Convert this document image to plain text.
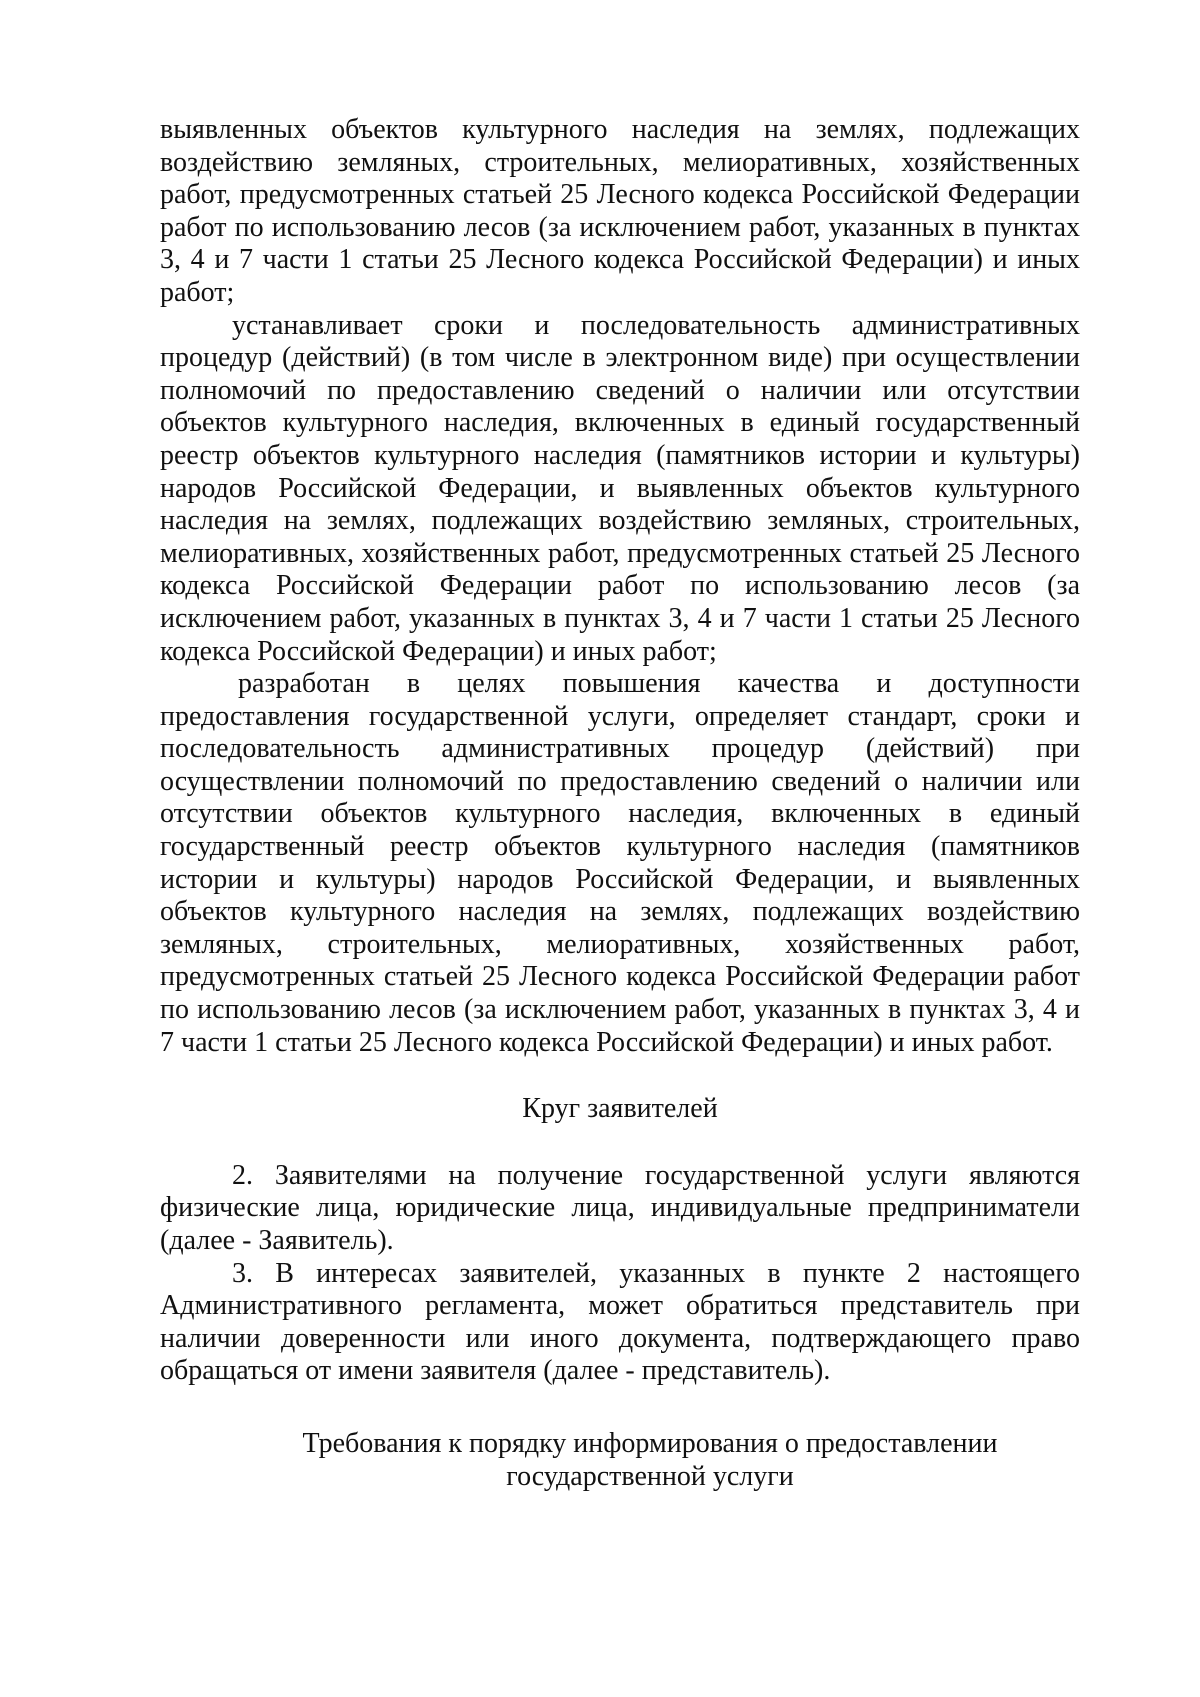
выявленных объектов культурного наследия на землях, подлежащих воздействию земляных, строительных, мелиоративных, хозяйственных работ, предусмотренных статьей 25 Лесного кодекса Российской Федерации работ по использованию лесов (за исключением работ, указанных в пунктах 3, 4 и 7 части 1 статьи 25 Лесного кодекса Российской Федерации) и иных работ;

устанавливает сроки и последовательность административных процедур (действий) (в том числе в электронном виде) при осуществлении полномочий по предоставлению сведений о наличии или отсутствии объектов культурного наследия, включенных в единый государственный реестр объектов культурного наследия (памятников истории и культуры) народов Российской Федерации, и выявленных объектов культурного наследия на землях, подлежащих воздействию земляных, строительных, мелиоративных, хозяйственных работ, предусмотренных статьей 25 Лесного кодекса Российской Федерации работ по использованию лесов (за исключением работ, указанных в пунктах 3, 4 и 7 части 1 статьи 25 Лесного кодекса Российской Федерации) и иных работ;

разработан в целях повышения качества и доступности предоставления государственной услуги, определяет стандарт, сроки и последовательность административных процедур (действий) при осуществлении полномочий по предоставлению сведений о наличии или отсутствии объектов культурного наследия, включенных в единый государственный реестр объектов культурного наследия (памятников истории и культуры) народов Российской Федерации, и выявленных объектов культурного наследия на землях, подлежащих воздействию земляных, строительных, мелиоративных, хозяйственных работ, предусмотренных статьей 25 Лесного кодекса Российской Федерации работ по использованию лесов (за исключением работ, указанных в пунктах 3, 4 и 7 части 1 статьи 25 Лесного кодекса Российской Федерации) и иных работ.

Круг заявителей

2. Заявителями на получение государственной услуги являются физические лица, юридические лица, индивидуальные предприниматели (далее - Заявитель).

3. В интересах заявителей, указанных в пункте 2 настоящего Административного регламента, может обратиться представитель при наличии доверенности или иного документа, подтверждающего право обращаться от имени заявителя (далее - представитель).

Требования к порядку информирования о предоставлении

государственной услуги
